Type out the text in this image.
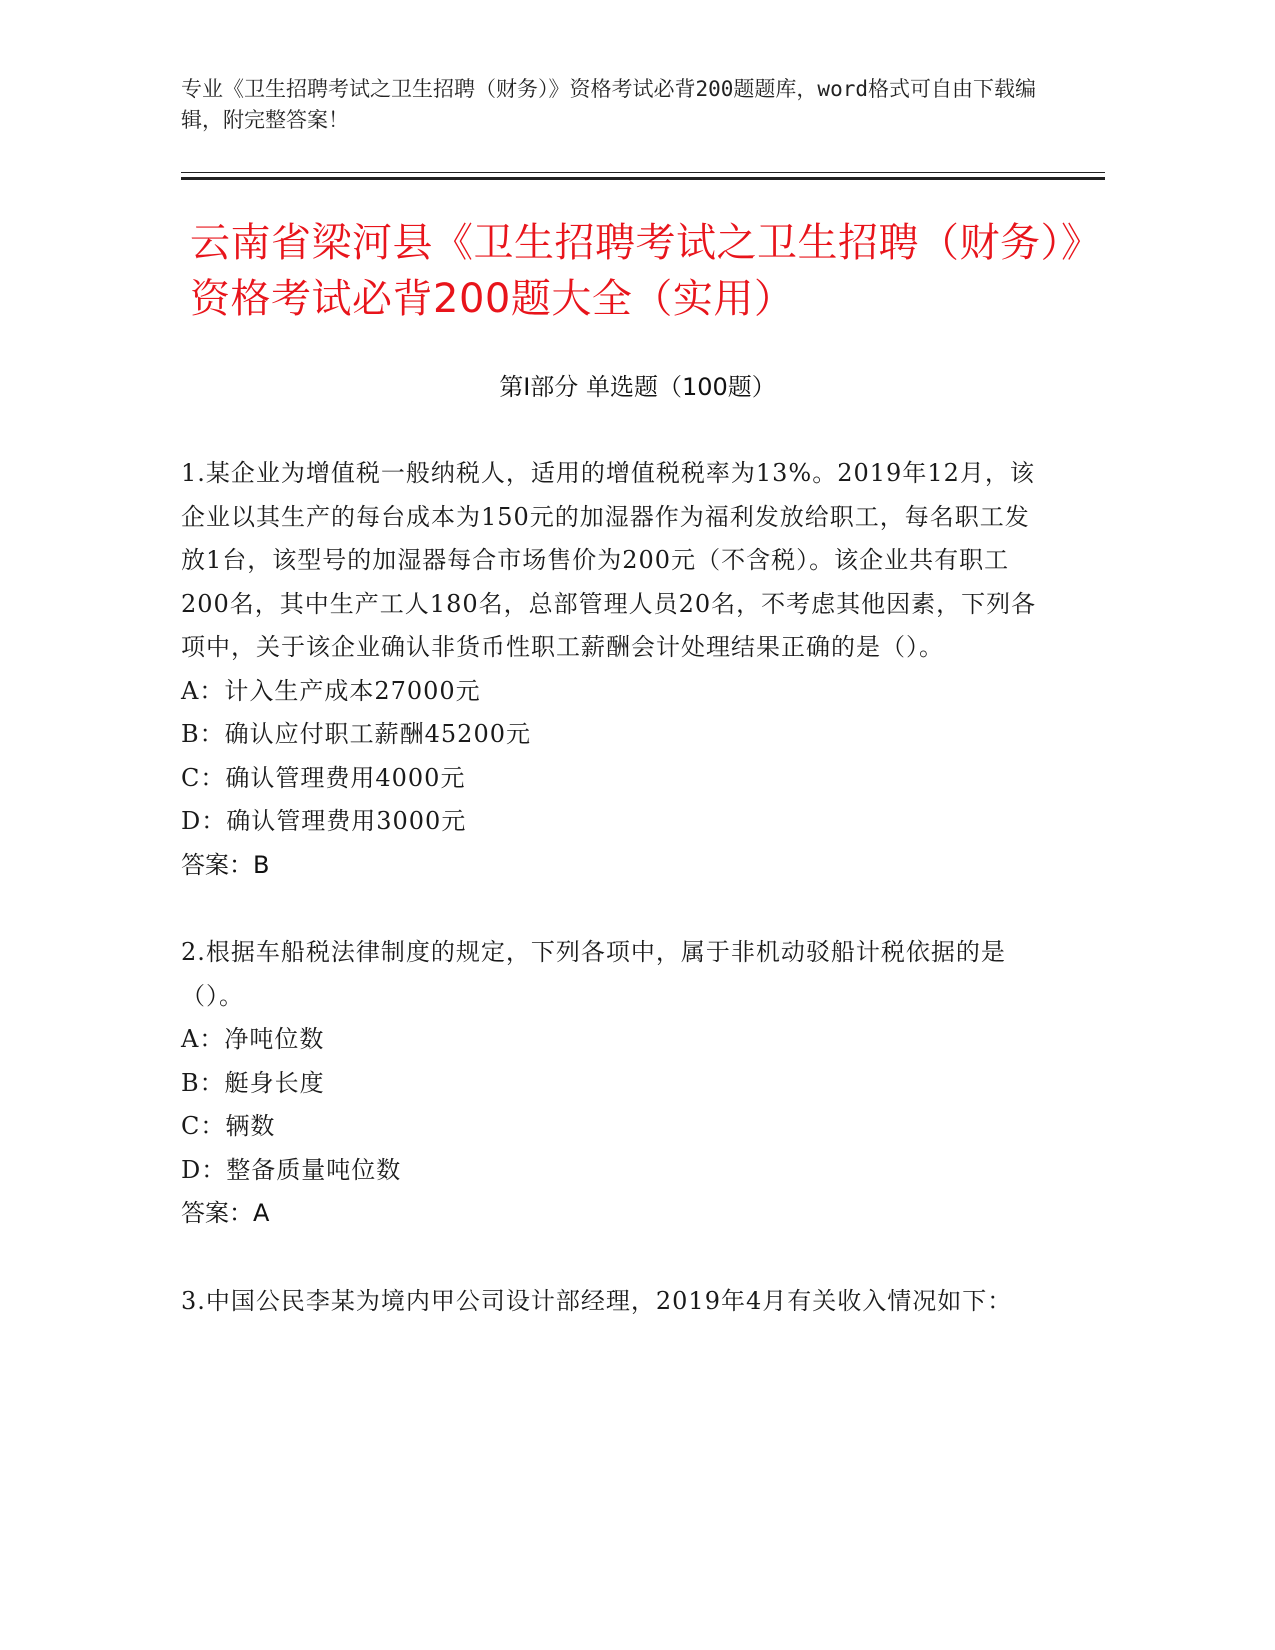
专业《卫生招聘考试之卫生招聘（财务）》资格考试必背200题题库，word格式可自由下载编辑，附完整答案！
云南省梁河县《卫生招聘考试之卫生招聘（财务）》资格考试必背200题大全（实用）
第Ⅰ部分 单选题（100题）
1.某企业为增值税一般纳税人，适用的增值税税率为13%。2019年12月，该企业以其生产的每台成本为150元的加湿器作为福利发放给职工，每名职工发放1台，该型号的加湿器每合市场售价为200元（不含税）。该企业共有职工200名，其中生产工人180名，总部管理人员20名，不考虑其他因素，下列各项中，关于该企业确认非货币性职工薪酬会计处理结果正确的是（）。
A：计入生产成本27000元
B：确认应付职工薪酬45200元
C：确认管理费用4000元
D：确认管理费用3000元
答案：B
2.根据车船税法律制度的规定，下列各项中，属于非机动驳船计税依据的是（）。
A：净吨位数
B：艇身长度
C：辆数
D：整备质量吨位数
答案：A
3.中国公民李某为境内甲公司设计部经理，2019年4月有关收入情况如下：
